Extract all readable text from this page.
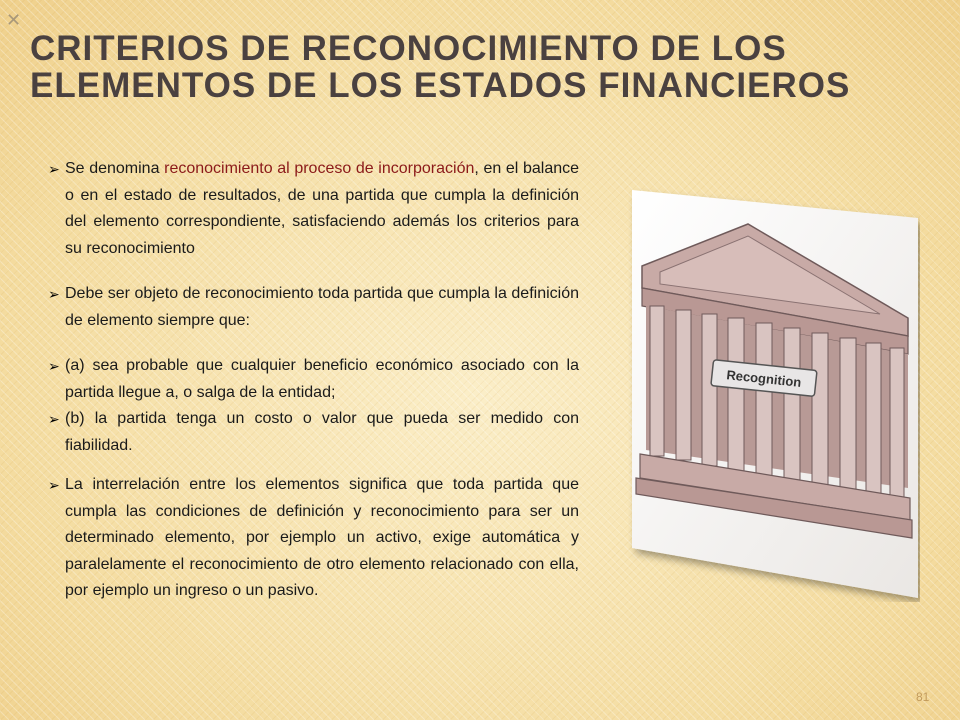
✕
CRITERIOS DE RECONOCIMIENTO DE LOS
ELEMENTOS DE LOS ESTADOS FINANCIEROS
➢ Se denomina reconocimiento al proceso de incorporación, en el balance o en el estado de resultados, de una partida que cumpla la definición del elemento correspondiente, satisfaciendo además los criterios para su reconocimiento
➢ Debe ser objeto de reconocimiento toda partida que cumpla la definición de elemento siempre que:
➢ (a) sea probable que cualquier beneficio económico asociado con la partida llegue a, o salga de la entidad;
➢ (b) la partida tenga un costo o valor que pueda ser medido con fiabilidad.
➢ La interrelación entre los elementos significa que toda partida que cumpla las condiciones de definición y reconocimiento para ser un determinado elemento, por ejemplo un activo, exige automática y paralelamente el reconocimiento de otro elemento relacionado con ella, por ejemplo un ingreso o un pasivo.
Recognition
81
